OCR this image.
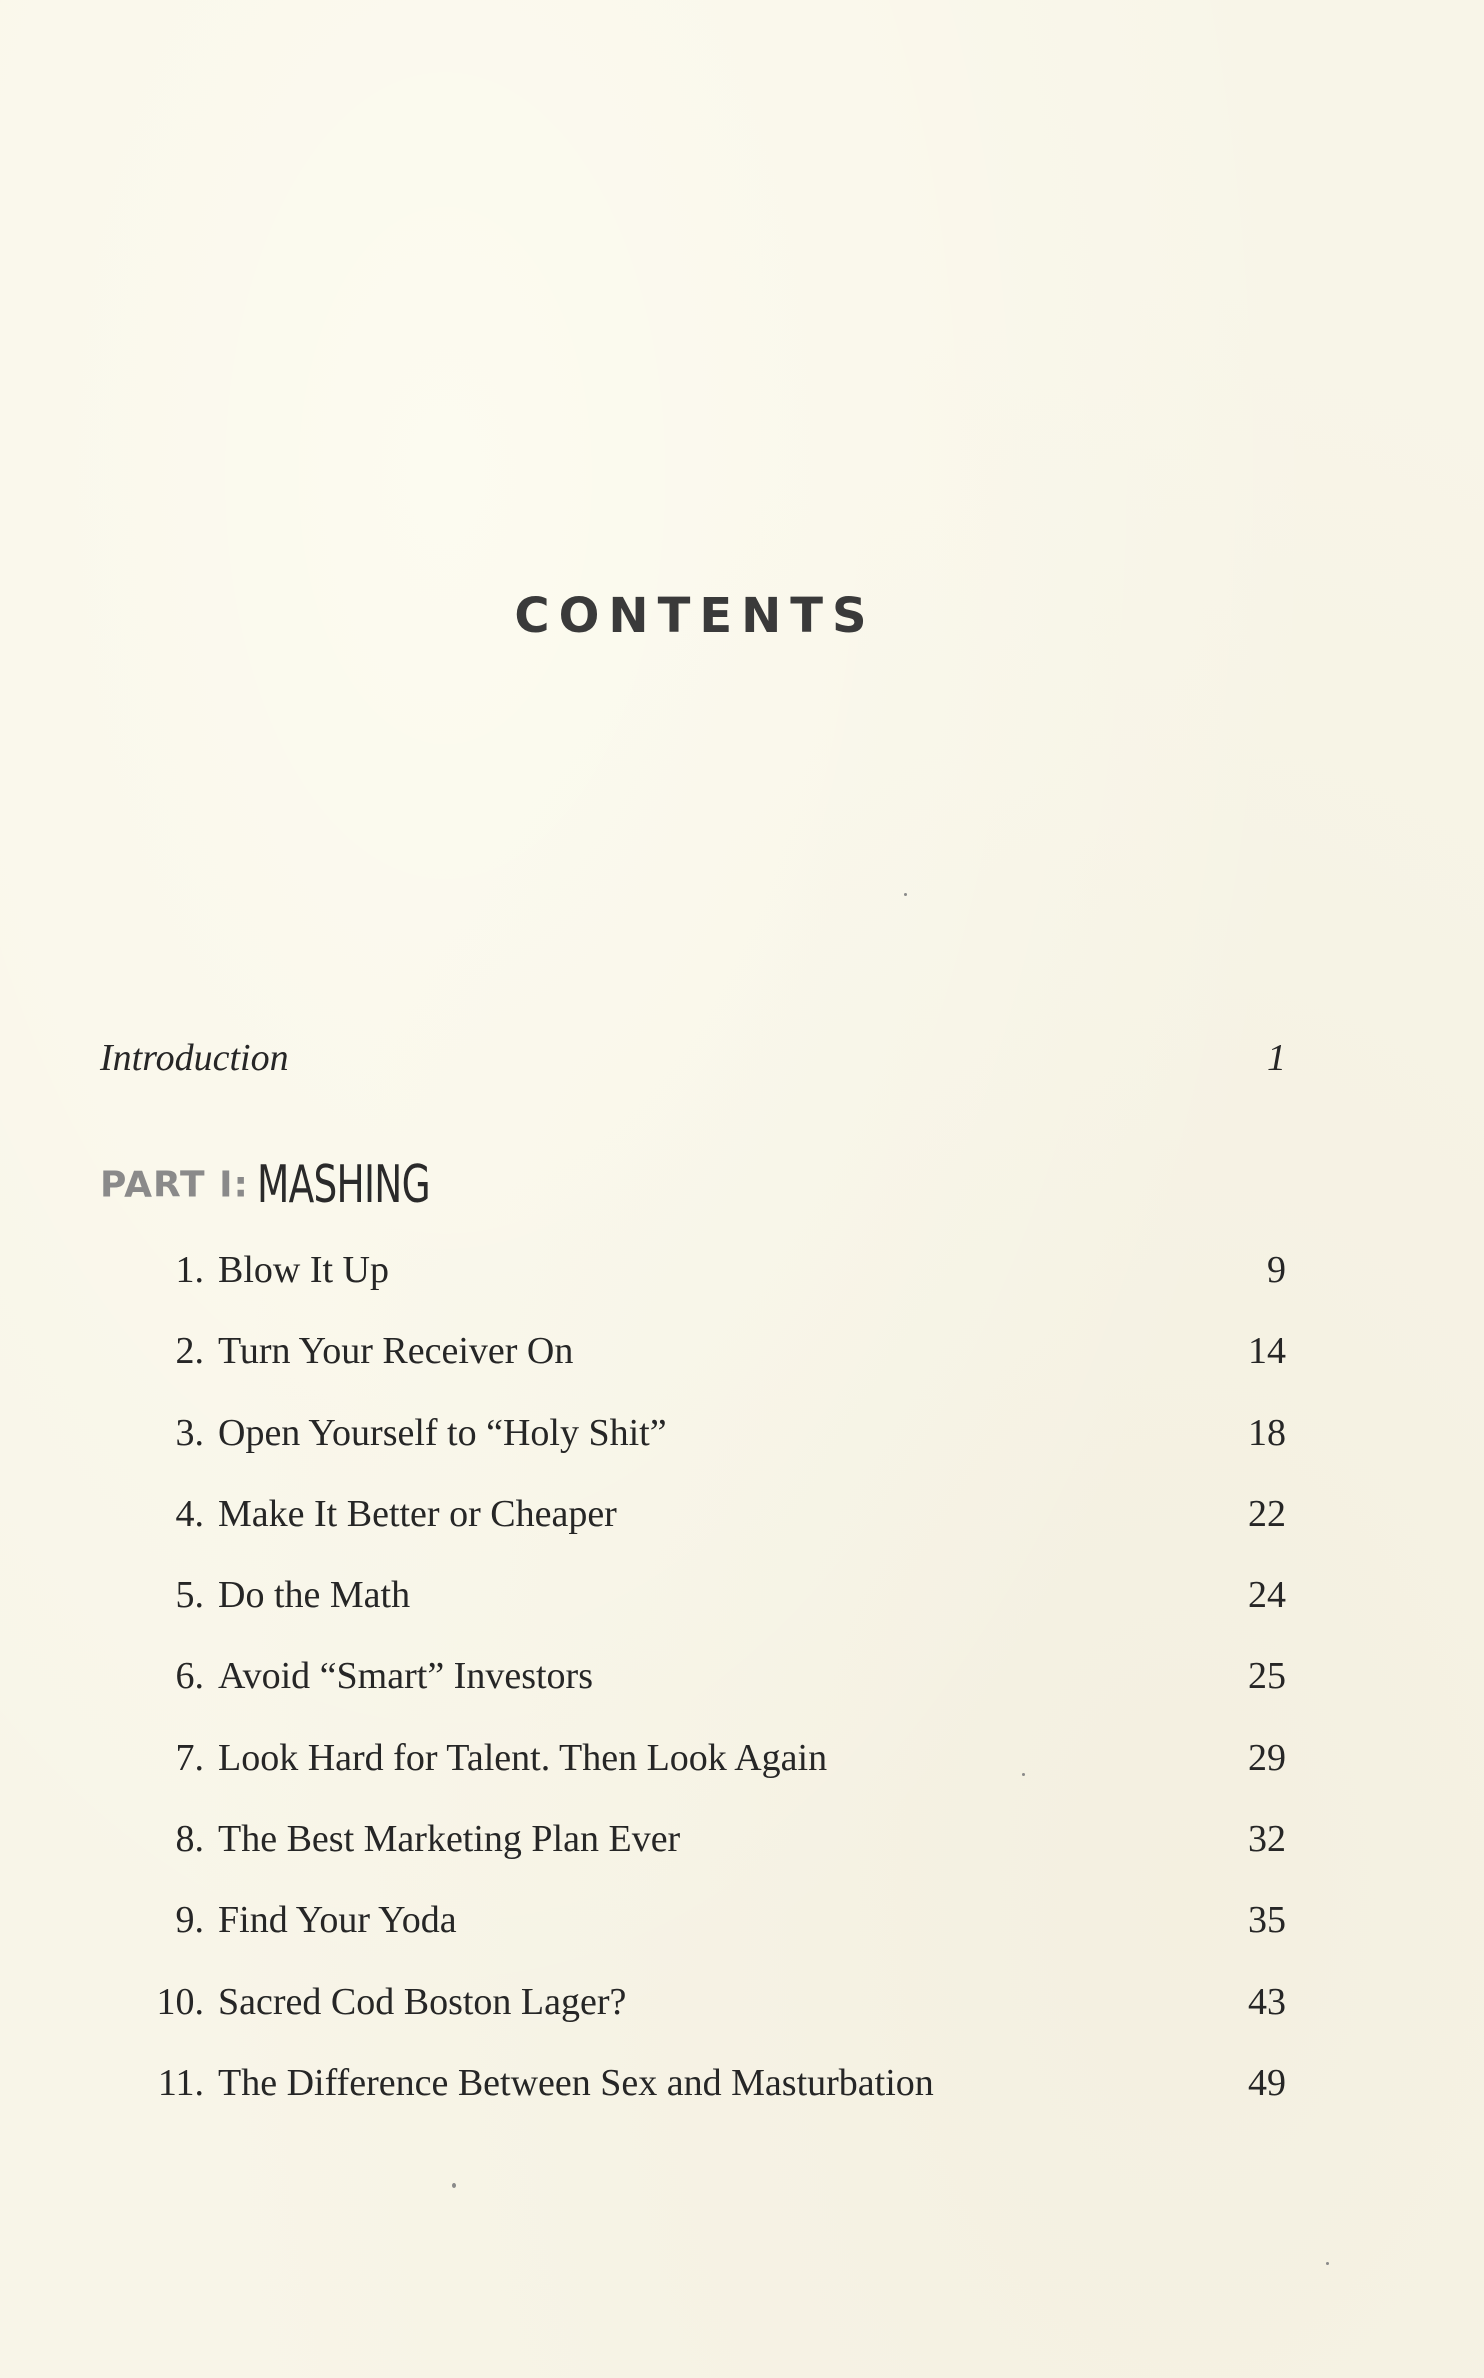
CONTENTS
Introduction	1
PART I: MASHING
1. Blow It Up	9
2. Turn Your Receiver On	14
3. Open Yourself to “Holy Shit”	18
4. Make It Better or Cheaper	22
5. Do the Math	24
6. Avoid “Smart” Investors	25
7. Look Hard for Talent. Then Look Again	29
8. The Best Marketing Plan Ever	32
9. Find Your Yoda	35
10. Sacred Cod Boston Lager?	43
11. The Difference Between Sex and Masturbation	49
